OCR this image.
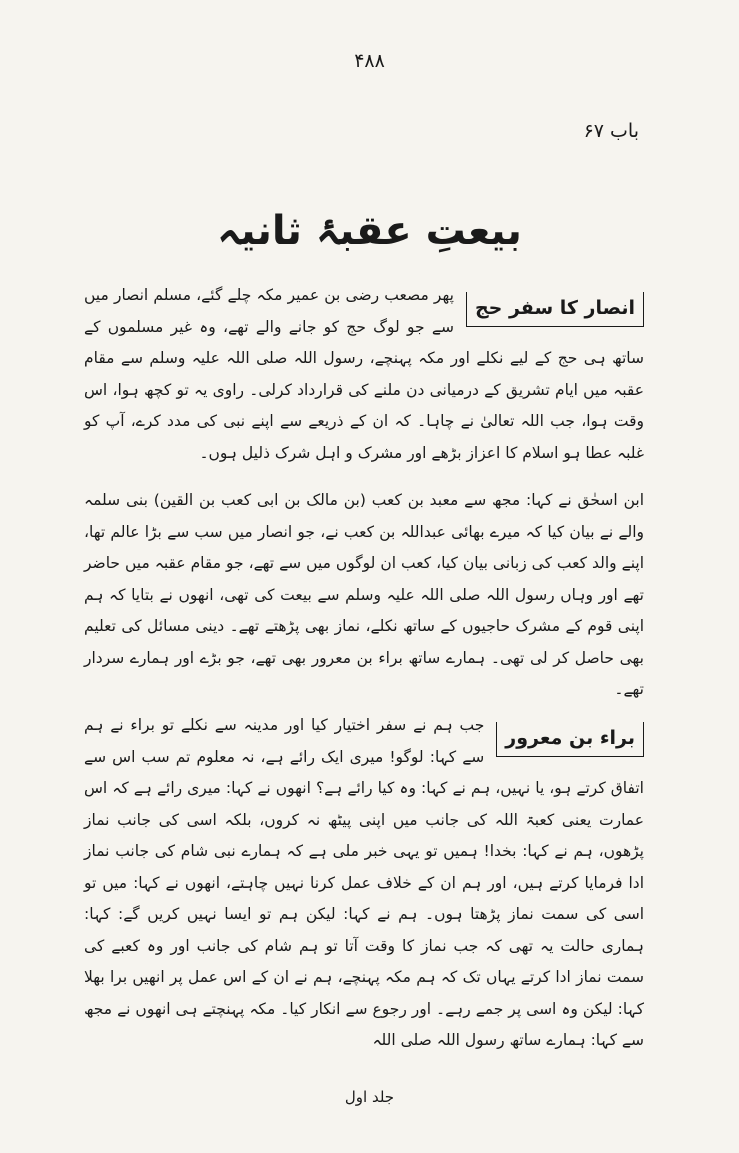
۴۸۸
باب ۶۷
بیعتِ عقبۂ ثانیہ
انصار کا سفر حج

پھر مصعب رضی بن عمیر مکہ چلے گئے، مسلم انصار میں سے جو لوگ حج کو جانے والے تھے، وہ غیر مسلموں کے ساتھ ہی حج کے لیے نکلے اور مکہ پہنچے، رسول اللہ صلی اللہ علیہ وسلم سے مقام عقبہ میں ایام تشریق کے درمیانی دن ملنے کی قرارداد کرلی۔ راوی یہ تو کچھ ہوا، اس وقت ہوا، جب اللہ تعالیٰ نے چاہا۔ کہ ان کے ذریعے سے اپنے نبی کی مدد کرے، آپ کو غلبہ عطا ہو اسلام کا اعزاز بڑھے اور مشرک و اہل شرک ذلیل ہوں۔

ابن اسحٰق نے کہا: مجھ سے معبد بن کعب (بن مالک بن ابی کعب بن القین) بنی سلمہ والے نے بیان کیا کہ میرے بھائی عبداللہ بن کعب نے، جو انصار میں سب سے بڑا عالم تھا، اپنے والد کعب کی زبانی بیان کیا، کعب ان لوگوں میں سے تھے، جو مقام عقبہ میں حاضر تھے اور وہاں رسول اللہ صلی اللہ علیہ وسلم سے بیعت کی تھی، انھوں نے بتایا کہ ہم اپنی قوم کے مشرک حاجیوں کے ساتھ نکلے، نماز بھی پڑھتے تھے۔ دینی مسائل کی تعلیم بھی حاصل کر لی تھی۔ ہمارے ساتھ براء بن معرور بھی تھے، جو بڑے اور ہمارے سردار تھے۔

براء بن معرور

جب ہم نے سفر اختیار کیا اور مدینہ سے نکلے تو براء نے ہم سے کہا: لوگو! میری ایک رائے ہے، نہ معلوم تم سب اس سے اتفاق کرتے ہو، یا نہیں، ہم نے کہا: وہ کیا رائے ہے؟ انھوں نے کہا: میری رائے ہے کہ اس عمارت یعنی کعبۃ اللہ کی جانب میں اپنی پیٹھ نہ کروں، بلکہ اسی کی جانب نماز پڑھوں، ہم نے کہا: بخدا! ہمیں تو یہی خبر ملی ہے کہ ہمارے نبی شام کی جانب نماز ادا فرمایا کرتے ہیں، اور ہم ان کے خلاف عمل کرنا نہیں چاہتے، انھوں نے کہا: میں تو اسی کی سمت نماز پڑھتا ہوں۔ ہم نے کہا: لیکن ہم تو ایسا نہیں کریں گے: کہا: ہماری حالت یہ تھی کہ جب نماز کا وقت آتا تو ہم شام کی جانب اور وہ کعبے کی سمت نماز ادا کرتے یہاں تک کہ ہم مکہ پہنچے، ہم نے ان کے اس عمل پر انھیں برا بھلا کہا: لیکن وہ اسی پر جمے رہے۔ اور رجوع سے انکار کیا۔ مکہ پہنچتے ہی انھوں نے مجھ سے کہا: ہمارے ساتھ رسول اللہ صلی اللہ

جلد اول
